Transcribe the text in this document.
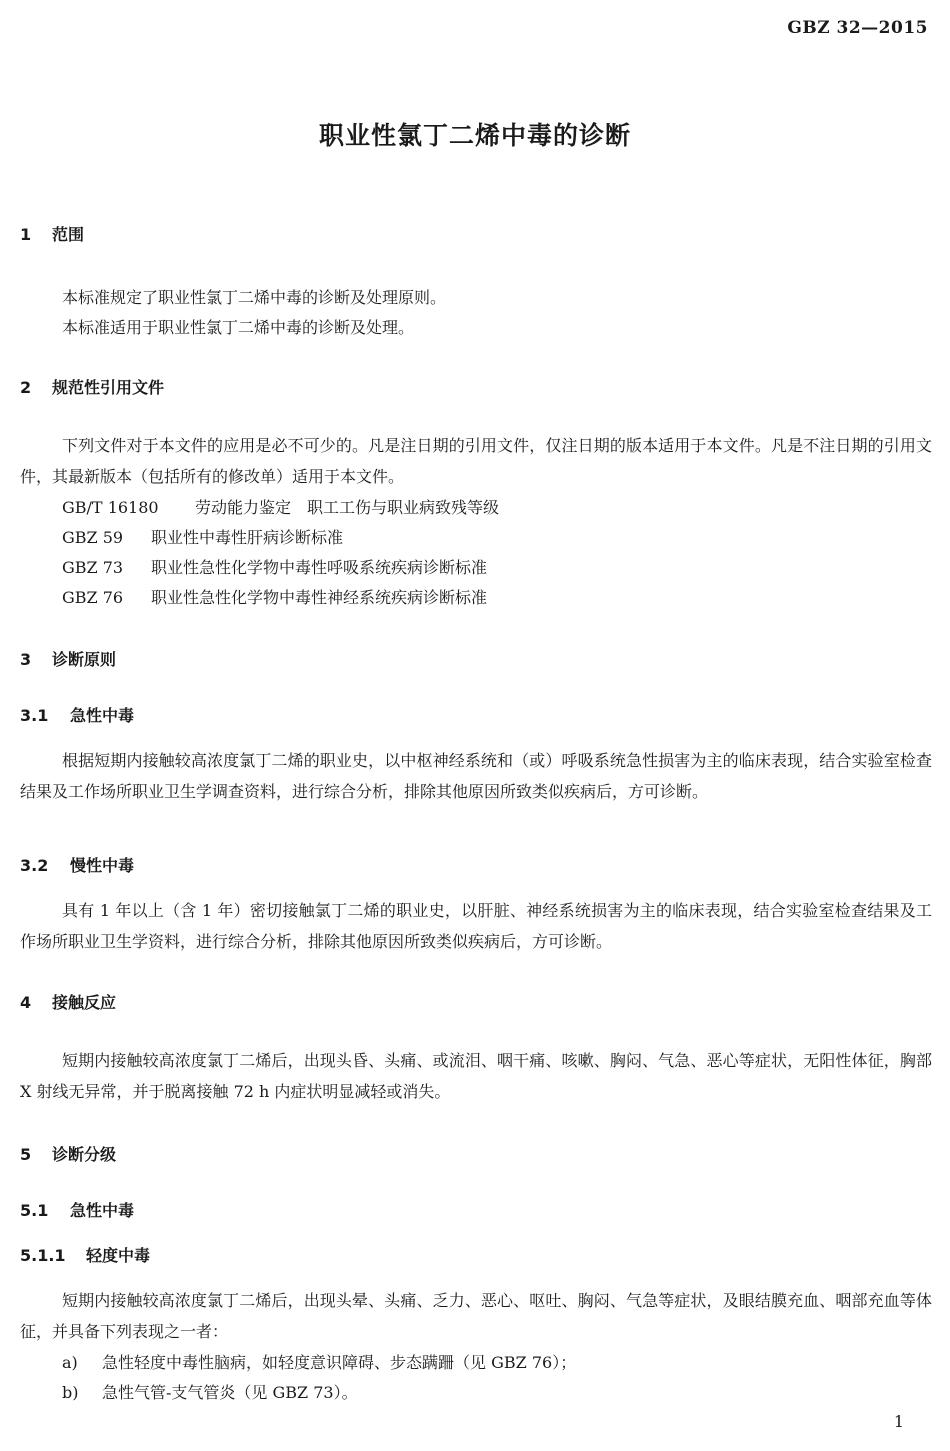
GBZ 32—2015
职业性氯丁二烯中毒的诊断
1 范围
本标准规定了职业性氯丁二烯中毒的诊断及处理原则。
本标准适用于职业性氯丁二烯中毒的诊断及处理。
2 规范性引用文件
下列文件对于本文件的应用是必不可少的。凡是注日期的引用文件，仅注日期的版本适用于本文件。凡是不注日期的引用文件，其最新版本（包括所有的修改单）适用于本文件。
GB/T 16180 劳动能力鉴定　职工工伤与职业病致残等级
GBZ 59 职业性中毒性肝病诊断标准
GBZ 73 职业性急性化学物中毒性呼吸系统疾病诊断标准
GBZ 76 职业性急性化学物中毒性神经系统疾病诊断标准
3 诊断原则
3.1 急性中毒
根据短期内接触较高浓度氯丁二烯的职业史，以中枢神经系统和（或）呼吸系统急性损害为主的临床表现，结合实验室检查结果及工作场所职业卫生学调查资料，进行综合分析，排除其他原因所致类似疾病后，方可诊断。
3.2 慢性中毒
具有 1 年以上（含 1 年）密切接触氯丁二烯的职业史，以肝脏、神经系统损害为主的临床表现，结合实验室检查结果及工作场所职业卫生学资料，进行综合分析，排除其他原因所致类似疾病后，方可诊断。
4 接触反应
短期内接触较高浓度氯丁二烯后，出现头昏、头痛、或流泪、咽干痛、咳嗽、胸闷、气急、恶心等症状，无阳性体征，胸部 X 射线无异常，并于脱离接触 72 h 内症状明显减轻或消失。
5 诊断分级
5.1 急性中毒
5.1.1 轻度中毒
短期内接触较高浓度氯丁二烯后，出现头晕、头痛、乏力、恶心、呕吐、胸闷、气急等症状，及眼结膜充血、咽部充血等体征，并具备下列表现之一者：
a) 急性轻度中毒性脑病，如轻度意识障碍、步态蹒跚（见 GBZ 76）；
b) 急性气管-支气管炎（见 GBZ 73）。
1
